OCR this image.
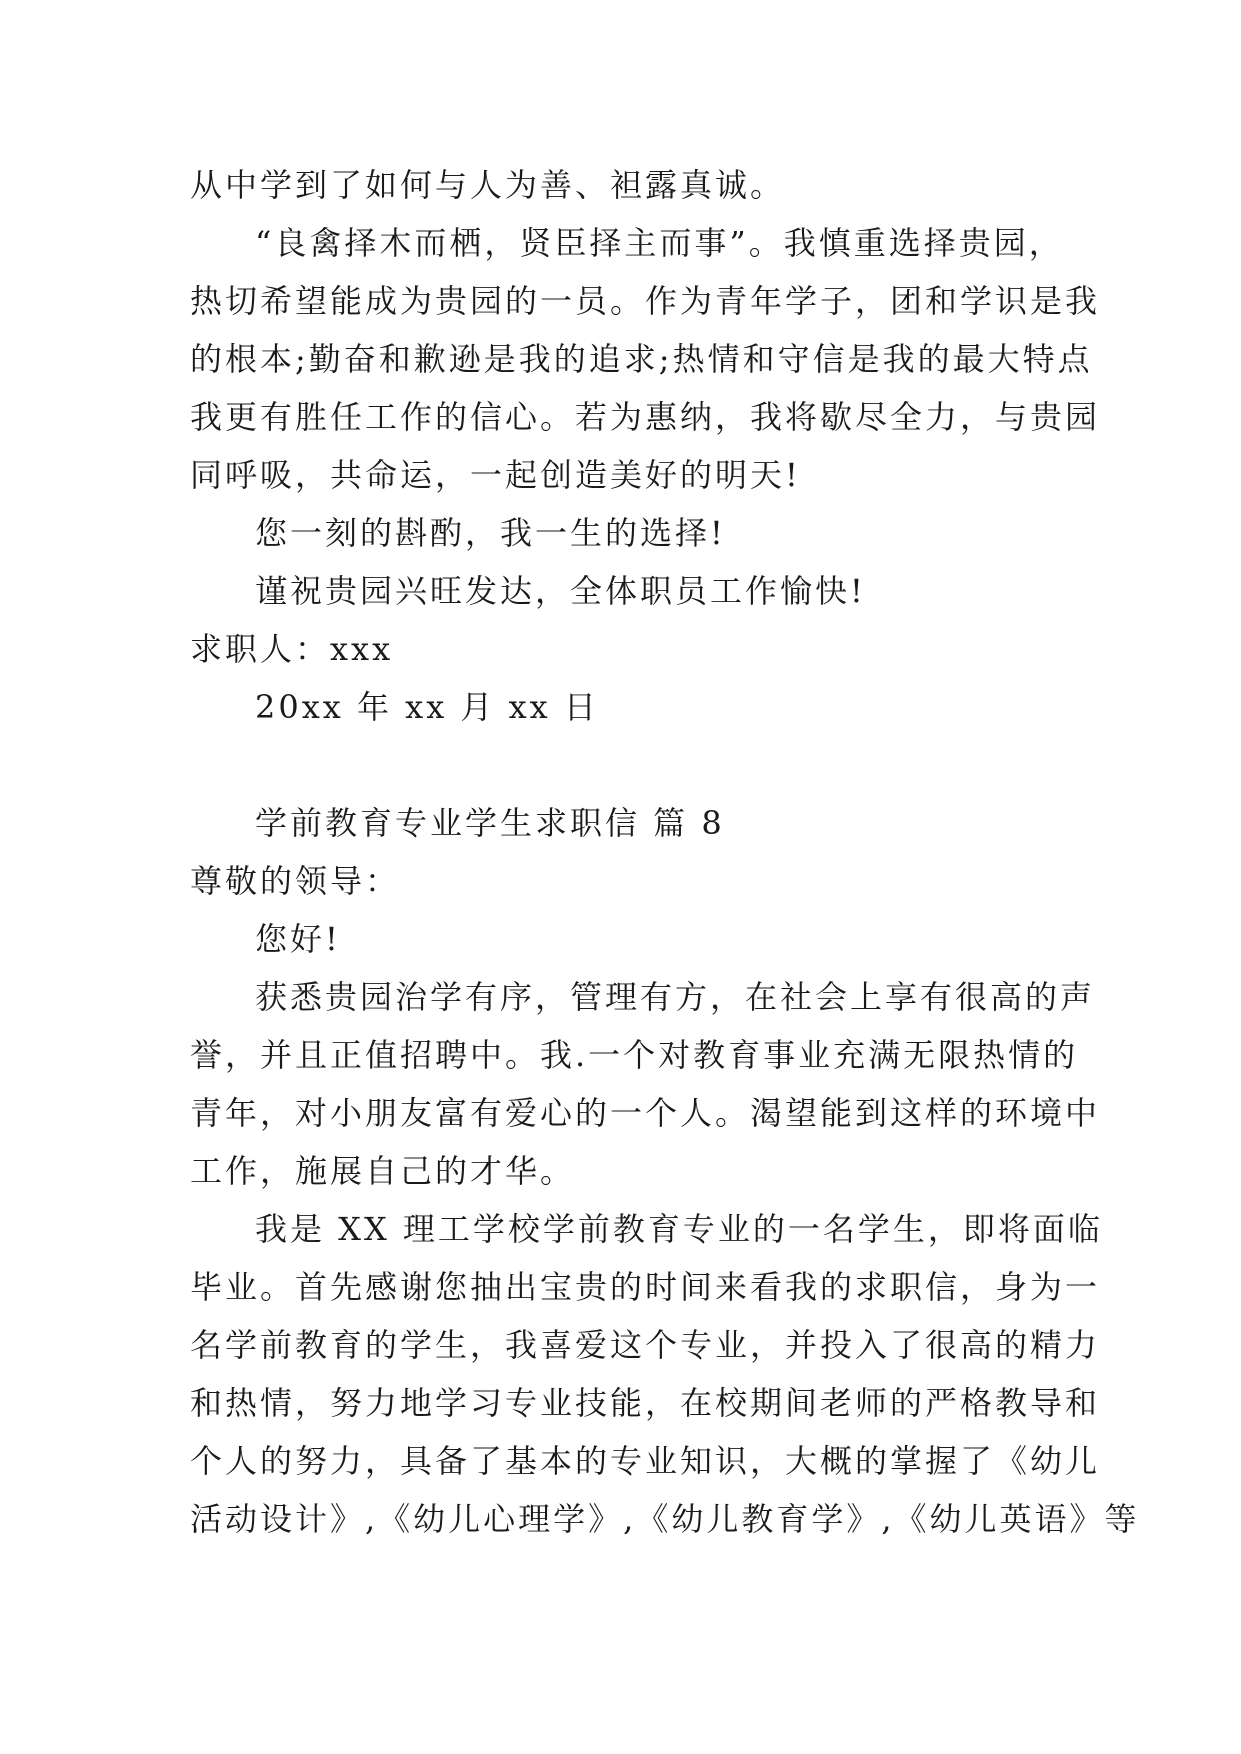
从中学到了如何与人为善、袒露真诚。
“良禽择木而栖，贤臣择主而事”。我慎重选择贵园，
热切希望能成为贵园的一员。作为青年学子，团和学识是我
的根本;勤奋和歉逊是我的追求;热情和守信是我的最大特点
我更有胜任工作的信心。若为惠纳，我将歇尽全力，与贵园
同呼吸，共命运，一起创造美好的明天!
您一刻的斟酌，我一生的选择!
谨祝贵园兴旺发达，全体职员工作愉快!
求职人：xxx
20xx 年 xx 月 xx 日
学前教育专业学生求职信 篇 8
尊敬的领导：
您好!
获悉贵园治学有序，管理有方，在社会上享有很高的声
誉，并且正值招聘中。我.一个对教育事业充满无限热情的
青年，对小朋友富有爱心的一个人。渴望能到这样的环境中
工作，施展自己的才华。
我是 XX 理工学校学前教育专业的一名学生，即将面临
毕业。首先感谢您抽出宝贵的时间来看我的求职信，身为一
名学前教育的学生，我喜爱这个专业，并投入了很高的精力
和热情，努力地学习专业技能，在校期间老师的严格教导和
个人的努力，具备了基本的专业知识，大概的掌握了《幼儿
活动设计》,《幼儿心理学》,《幼儿教育学》,《幼儿英语》等
